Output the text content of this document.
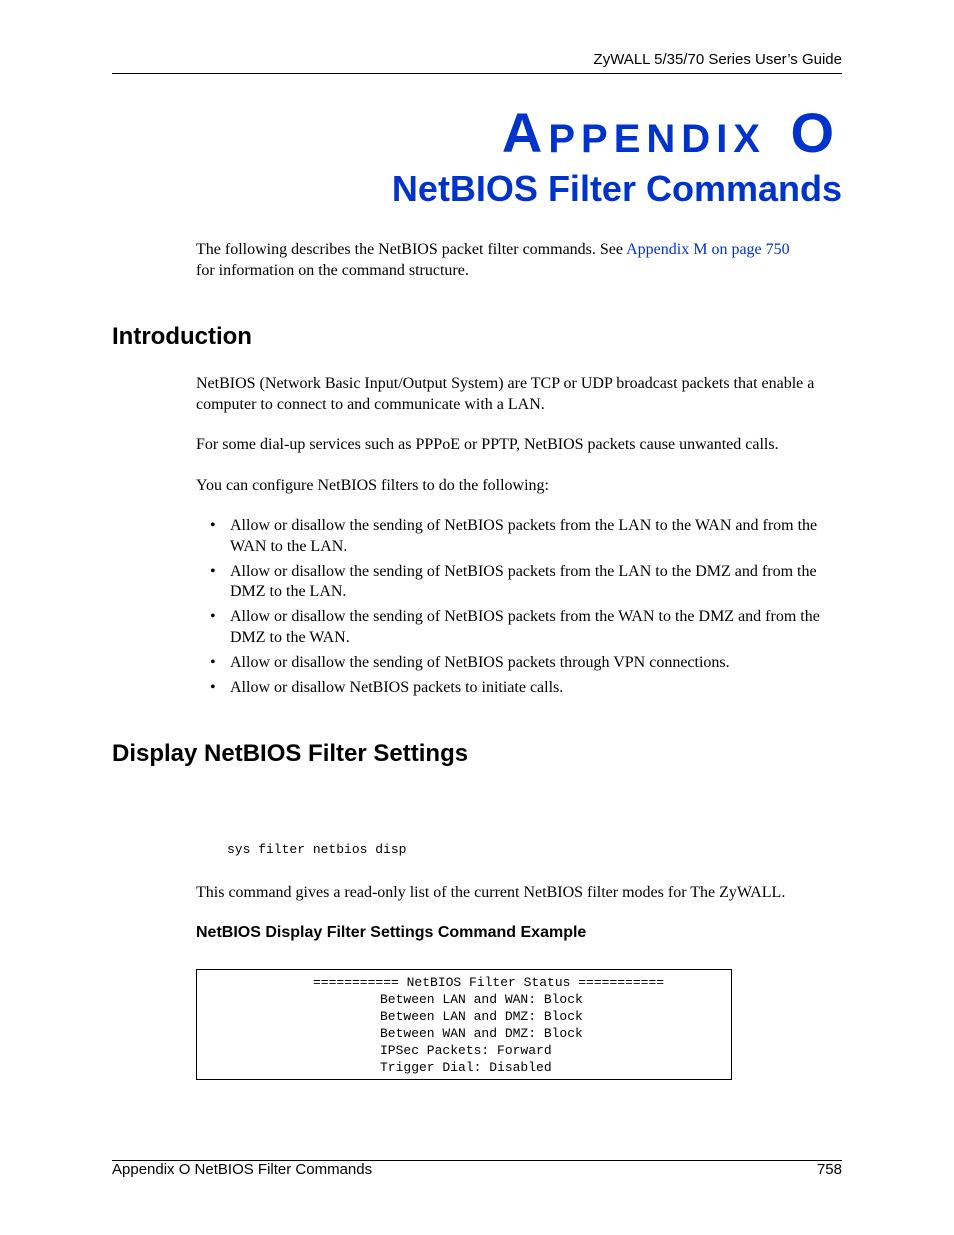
ZyWALL 5/35/70 Series User’s Guide
APPENDIX O
NetBIOS Filter Commands
The following describes the NetBIOS packet filter commands. See Appendix M on page 750
for information on the command structure.
Introduction
NetBIOS (Network Basic Input/Output System) are TCP or UDP broadcast packets that enable a computer to connect to and communicate with a LAN.
For some dial-up services such as PPPoE or PPTP, NetBIOS packets cause unwanted calls.
You can configure NetBIOS filters to do the following:
• Allow or disallow the sending of NetBIOS packets from the LAN to the WAN and from the WAN to the LAN.
• Allow or disallow the sending of NetBIOS packets from the LAN to the DMZ and from the DMZ to the LAN.
• Allow or disallow the sending of NetBIOS packets from the WAN to the DMZ and from the DMZ to the WAN.
• Allow or disallow the sending of NetBIOS packets through VPN connections.
• Allow or disallow NetBIOS packets to initiate calls.
Display NetBIOS Filter Settings
sys filter netbios disp
This command gives a read-only list of the current NetBIOS filter modes for The ZyWALL.
NetBIOS Display Filter Settings Command Example
=========== NetBIOS Filter Status ===========
Between LAN and WAN: Block
Between LAN and DMZ: Block
Between WAN and DMZ: Block
IPSec Packets: Forward
Trigger Dial: Disabled
Appendix O NetBIOS Filter Commands	758
